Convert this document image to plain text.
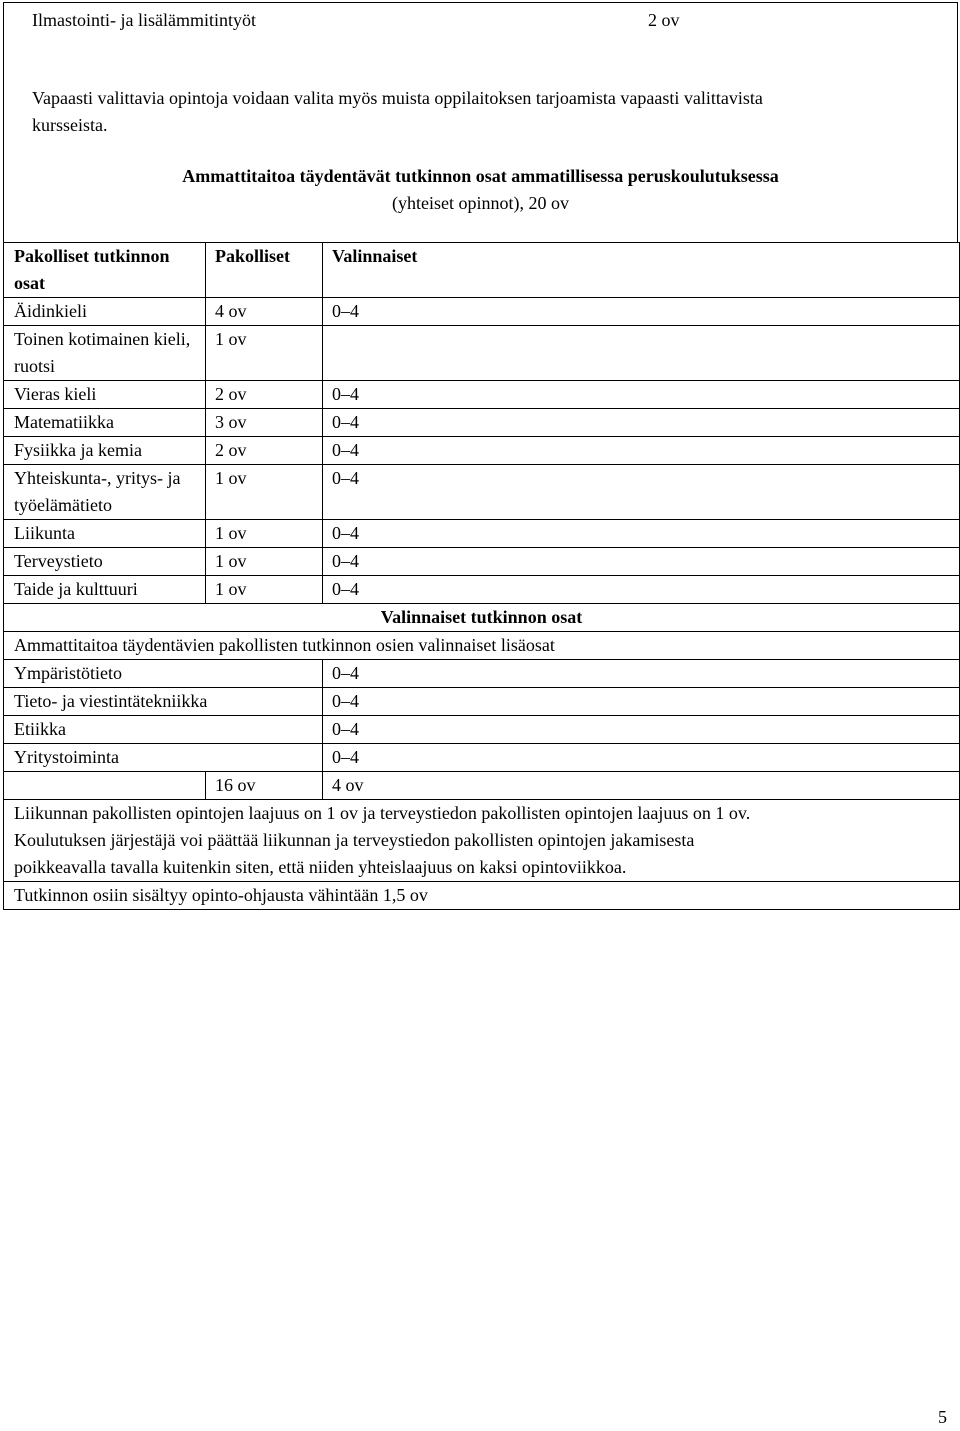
Ilmastointi- ja lisälämmitintyöt	2 ov
Vapaasti valittavia opintoja voidaan valita myös muista oppilaitoksen tarjoamista vapaasti valittavista
kursseista.
Ammattitaitoa täydentävät tutkinnon osat ammatillisessa peruskoulutuksessa
(yhteiset opinnot), 20 ov
Pakolliset tutkinnon osat	Pakolliset	Valinnaiset
Äidinkieli	4 ov	0–4
Toinen kotimainen kieli, ruotsi	1 ov	
Vieras kieli	2 ov	0–4
Matematiikka	3 ov	0–4
Fysiikka ja kemia	2 ov	0–4
Yhteiskunta-, yritys- ja työelämätieto	1 ov	0–4
Liikunta	1 ov	0–4
Terveystieto	1 ov	0–4
Taide ja kulttuuri	1 ov	0–4
Valinnaiset tutkinnon osat		
Ammattitaitoa täydentävien pakollisten tutkinnon osien valinnaiset lisäosat		
Ympäristötieto		0–4
Tieto- ja viestintätekniikka		0–4
Etiikka		0–4
Yritystoiminta		0–4
	16 ov	4 ov

Liikunnan pakollisten opintojen laajuus on 1 ov ja terveystiedon pakollisten opintojen laajuus on 1 ov.
Koulutuksen järjestäjä voi päättää liikunnan ja terveystiedon pakollisten opintojen jakamisesta
poikkeavalla tavalla kuitenkin siten, että niiden yhteislaajuus on kaksi opintoviikkoa.		

Tutkinnon osiin sisältyy opinto-ohjausta vähintään 1,5 ov		
5
